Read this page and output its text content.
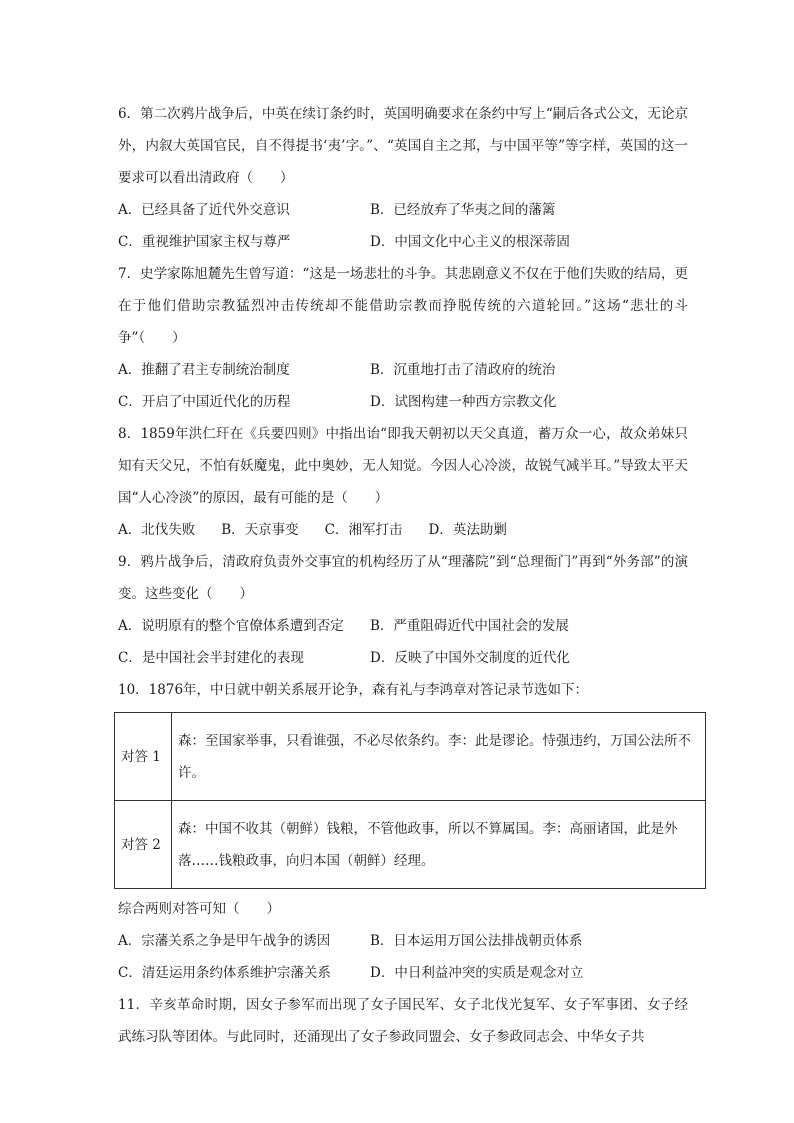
6．第二次鸦片战争后，中英在续订条约时，英国明确要求在条约中写上“嗣后各式公文，无论京外，内叙大英国官民，自不得提书‘夷’字。”、“英国自主之邦，与中国平等”等字样，英国的这一要求可以看出清政府（　　）

A．已经具备了近代外交意识	B．已经放弃了华夷之间的藩篱
C．重视维护国家主权与尊严	D．中国文化中心主义的根深蒂固

7．史学家陈旭麓先生曾写道：“这是一场悲壮的斗争。其悲剧意义不仅在于他们失败的结局，更在于他们借助宗教猛烈冲击传统却不能借助宗教而挣脱传统的六道轮回。”这场“悲壮的斗争”（　　）

A．推翻了君主专制统治制度	B．沉重地打击了清政府的统治
C．开启了中国近代化的历程	D．试图构建一种西方宗教文化

8．1859年洪仁玕在《兵要四则》中指出诒“即我天朝初以天父真道，蓄万众一心，故众弟妹只知有天父兄，不怕有妖魔鬼，此中奥妙，无人知觉。今因人心冷淡，故锐气减半耳。”导致太平天国“人心冷淡”的原因，最有可能的是（　　）

A．北伐失败 B．天京事变 C．湘军打击 D．英法助剿

9．鸦片战争后，清政府负责外交事宜的机构经历了从“理藩院”到“总理衙门”再到“外务部”的演变。这些变化（　　）

A．说明原有的整个官僚体系遭到否定	B．严重阻碍近代中国社会的发展
C．是中国社会半封建化的表现	D．反映了中国外交制度的近代化

10．1876年，中日就中朝关系展开论争，森有礼与李鸿章对答记录节选如下：

对答 1	森：至国家举事，只看谁强，不必尽依条约。李：此是谬论。恃强违约，万国公法所不许。
对答 2	森：中国不收其（朝鲜）钱粮，不管他政事，所以不算属国。李：高丽诸国，此是外落……钱粮政事，向归本国（朝鲜）经理。

综合两则对答可知（　　）

A．宗藩关系之争是甲午战争的诱因	B．日本运用万国公法排战朝贡体系
C．清廷运用条约体系维护宗藩关系	D．中日利益冲突的实质是观念对立

11．辛亥革命时期，因女子参军而出现了女子国民军、女子北伐光复军、女子军事团、女子经武练习队等团体。与此同时，还涌现出了女子参政同盟会、女子参政同志会、中华女子共
